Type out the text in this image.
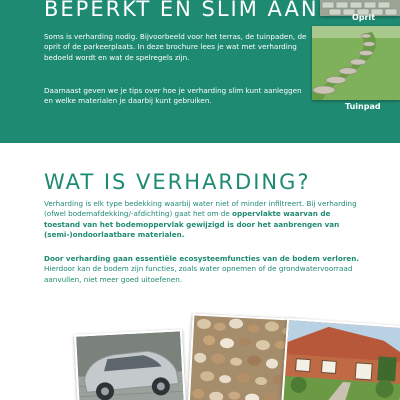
BEPERKT EN SLIM AAN

Soms is verharding nodig. Bijvoorbeeld voor het terras, de tuinpaden, de oprit of de parkeerplaats. In deze brochure lees je wat met verharding bedoeld wordt en wat de spelregels zijn.

Daarnaast geven we je tips over hoe je verharding slim kunt aanleggen en welke materialen je daarbij kunt gebruiken.

Oprit

Tuinpad

WAT IS VERHARDING?

Verharding is elk type bedekking waarbij water niet of minder infiltreert. Bij verharding (ofwel bodemafdekking/-afdichting) gaat het om de oppervlakte waarvan de toestand van het bodemoppervlak gewijzigd is door het aanbrengen van (semi-)ondoorlaatbare materialen.

Door verharding gaan essentiële ecosysteemfuncties van de bodem verloren. Hierdoor kan de bodem zijn functies, zoals water opnemen of de grondwatervoorraad aanvullen, niet meer goed uitoefenen.
